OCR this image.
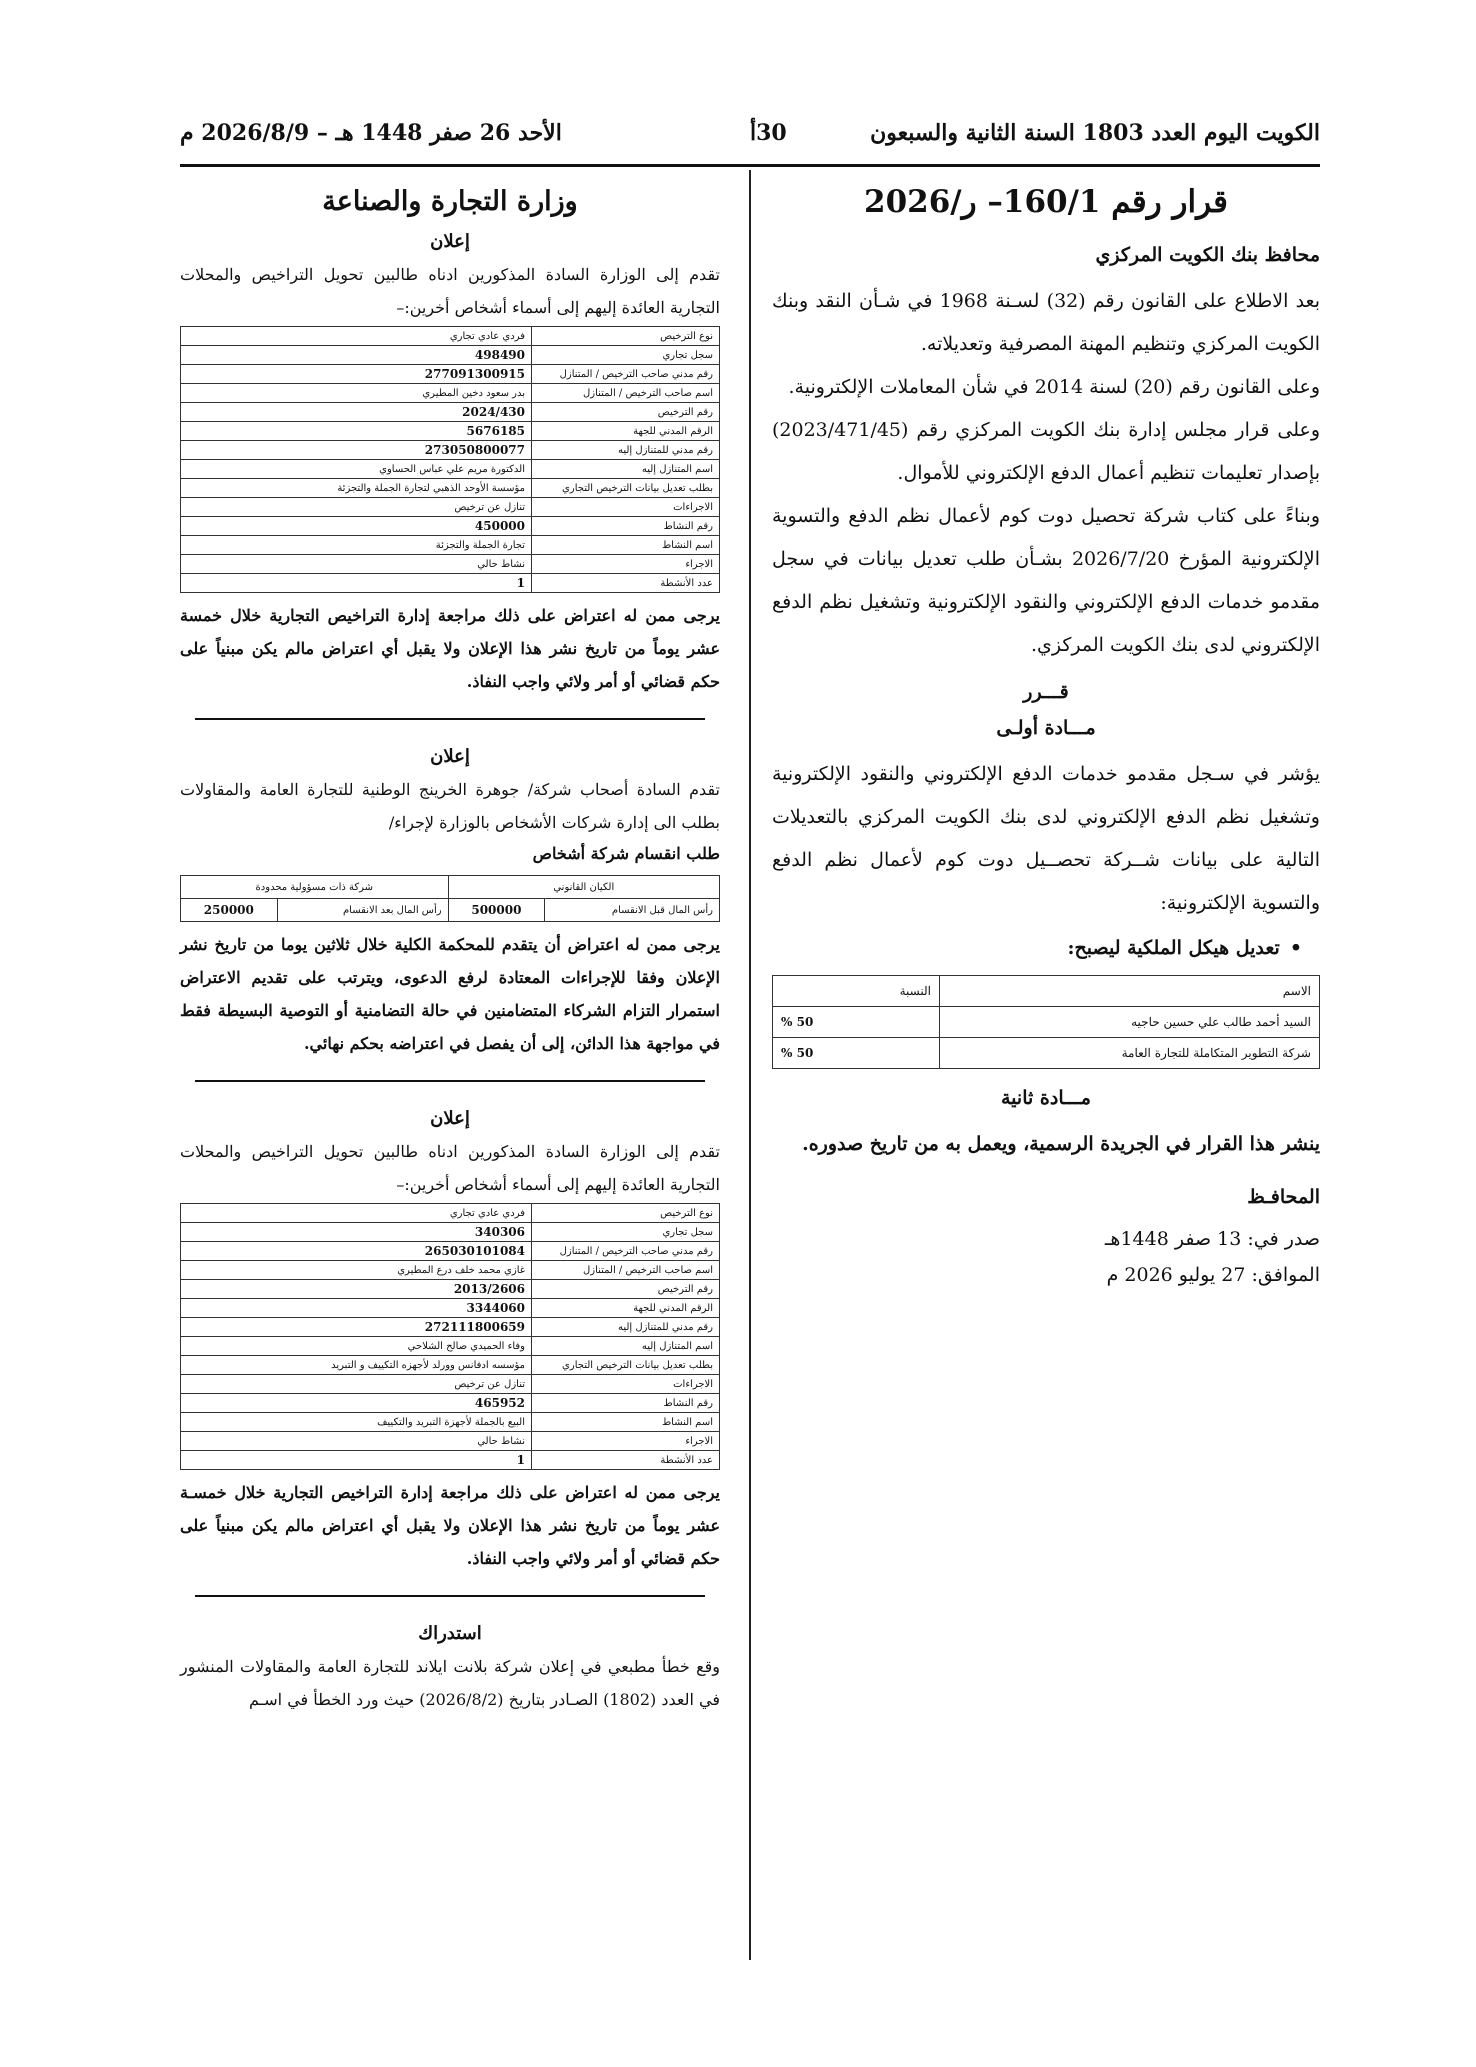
الكويت اليوم العدد 1803 السنة الثانية والسبعون
30أ
الأحد 26 صفر 1448 هـ – 2026/8/9 م
قرار رقم 160/1– ر/2026
محافظ بنك الكويت المركزي

بعد الاطلاع على القانون رقم (32) لسـنة 1968 في شـأن النقد وبنك الكويت المركزي وتنظيم المهنة المصرفية وتعديلاته.

وعلى القانون رقم (20) لسنة 2014 في شأن المعاملات الإلكترونية.

وعلى قرار مجلس إدارة بنك الكويت المركزي رقم (2023/471/45) بإصدار تعليمات تنظيم أعمال الدفع الإلكتروني للأموال.

وبناءً على كتاب شركة تحصيل دوت كوم لأعمال نظم الدفع والتسوية الإلكترونية المؤرخ 2026/7/20 بشـأن طلب تعديل بيانات في سجل مقدمو خدمات الدفع الإلكتروني والنقود الإلكترونية وتشغيل نظم الدفع الإلكتروني لدى بنك الكويت المركزي.

قـــرر
مـــادة أولـى

يؤشر في سـجل مقدمو خدمات الدفع الإلكتروني والنقود الإلكترونية وتشغيل نظم الدفع الإلكتروني لدى بنك الكويت المركزي بالتعديلات التالية على بيانات شــركة تحصــيل دوت كوم لأعمال نظم الدفع والتسوية الإلكترونية:

• تعديل هيكل الملكية ليصبح:
الاسم	النسبة
السيد أحمد طالب علي حسين حاجيه	50 %
شركة التطوير المتكاملة للتجارة العامة	50 %
مـــادة ثانية

ينشر هذا القرار في الجريدة الرسمية، ويعمل به من تاريخ صدوره.

المحافـظ
صدر في: 13 صفر 1448هـ
الموافق: 27 يوليو 2026 م
وزارة التجارة والصناعة
إعلان

تقدم إلى الوزارة السادة المذكورين ادناه طالبين تحويل التراخيص والمحلات التجارية العائدة إليهم إلى أسماء أشخاص أخرين:–

نوع الترخيص	فردي عادي تجاري
سجل تجاري	498490
رقم مدني صاحب الترخيص / المتنازل	277091300915
اسم صاحب الترخيص / المتنازل	بدر سعود دخين المطيري
رقم الترخيص	2024/430
الرقم المدني للجهة	5676185
رقم مدني للمتنازل إليه	273050800077
اسم المتنازل إليه	الدكتورة مريم علي عباس الحساوي
بطلب تعديل بيانات الترخيص التجاري	مؤسسة الأوحد الذهبي لتجارة الجملة والتجزئة
الاجراءات	تنازل عن ترخيص
رقم النشاط	450000
اسم النشاط	تجارة الجملة والتجزئة
الاجراء	نشاط حالي
عدد الأنشطة	1

يرجى ممن له اعتراض على ذلك مراجعة إدارة التراخيص التجارية خلال خمسة عشر يوماً من تاريخ نشر هذا الإعلان ولا يقبل أي اعتراض مالم يكن مبنياً على حكم قضائي أو أمر ولائي واجب النفاذ.

إعلان

تقدم السادة أصحاب شركة/ جوهرة الخرينج الوطنية للتجارة العامة والمقاولات بطلب الى إدارة شركات الأشخاص بالوزارة لإجراء/

طلب انقسام شركة أشخاص
الكيان القانوني		شركة ذات مسؤولية محدودة	
رأس المال قبل الانقسام	500000	رأس المال بعد الانقسام	250000

يرجى ممن له اعتراض أن يتقدم للمحكمة الكلية خلال ثلاثين يوما من تاريخ نشر الإعلان وفقا للإجراءات المعتادة لرفع الدعوى، ويترتب على تقديم الاعتراض استمرار التزام الشركاء المتضامنين في حالة التضامنية أو التوصية البسيطة فقط في مواجهة هذا الدائن، إلى أن يفصل في اعتراضه بحكم نهائي.

إعلان

تقدم إلى الوزارة السادة المذكورين ادناه طالبين تحويل التراخيص والمحلات التجارية العائدة إليهم إلى أسماء أشخاص أخرين:–

نوع الترخيص	فردي عادي تجاري
سجل تجاري	340306
رقم مدني صاحب الترخيص / المتنازل	265030101084
اسم صاحب الترخيص / المتنازل	غازي محمد خلف درع المطيري
رقم الترخيص	2013/2606
الرقم المدني للجهة	3344060
رقم مدني للمتنازل إليه	272111800659
اسم المتنازل إليه	وفاء الحميدي صالح الشلاحي
بطلب تعديل بيانات الترخيص التجاري	مؤسسه ادفانس وورلد لأجهزه التكييف و التبريد
الاجراءات	تنازل عن ترخيص
رقم النشاط	465952
اسم النشاط	البيع بالجملة لأجهزة التبريد والتكييف
الاجراء	نشاط حالي
عدد الأنشطة	1

يرجى ممن له اعتراض على ذلك مراجعة إدارة التراخيص التجارية خلال خمسـة عشر يوماً من تاريخ نشر هذا الإعلان ولا يقبل أي اعتراض مالم يكن مبنياً على حكم قضائي أو أمر ولائي واجب النفاذ.

استدراك

وقع خطأ مطبعي في إعلان شركة بلانت ايلاند للتجارة العامة والمقاولات المنشور في العدد (1802) الصـادر بتاريخ (2026/8/2) حيث ورد الخطأ في اسـم
